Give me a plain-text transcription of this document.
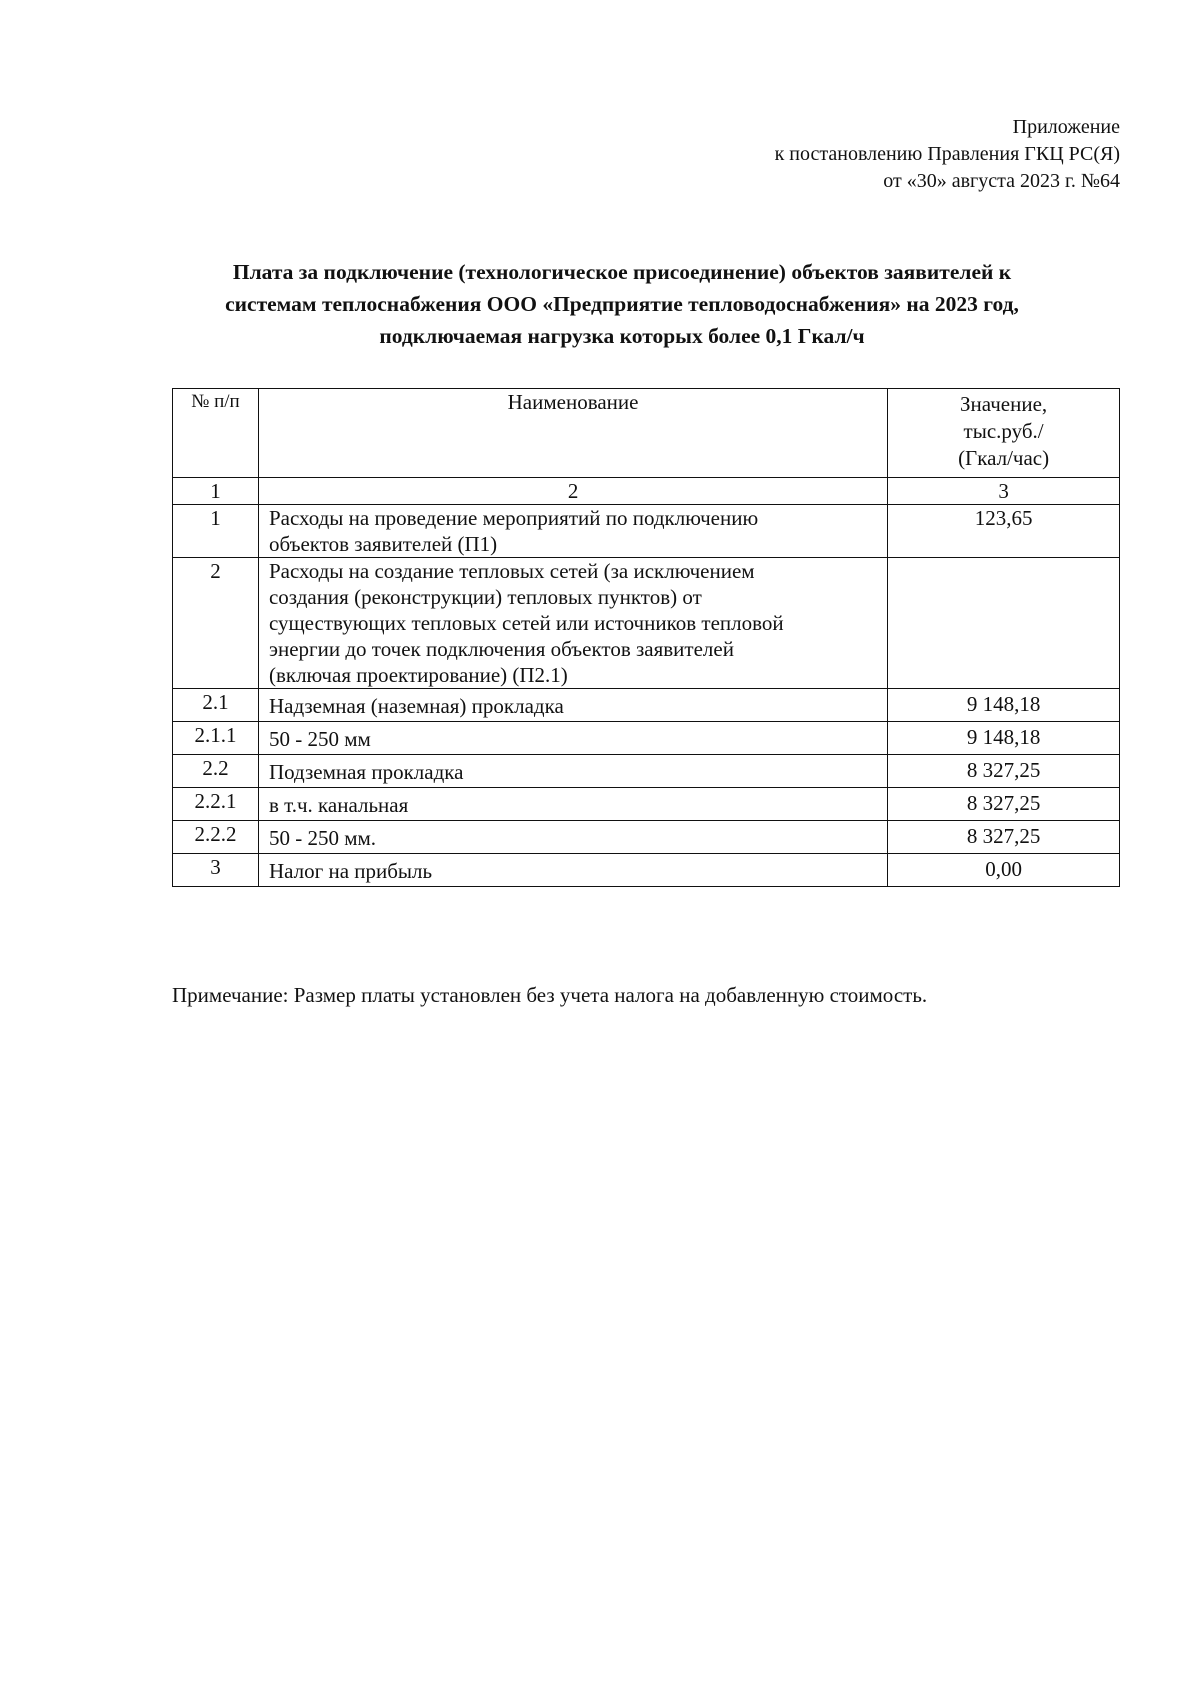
Приложение
к постановлению Правления ГКЦ РС(Я)
от «30» августа 2023 г. №64
Плата за подключение (технологическое присоединение) объектов заявителей к
системам теплоснабжения ООО «Предприятие тепловодоснабжения» на 2023 год,
подключаемая нагрузка которых более 0,1 Гкал/ч
№ п/п	Наименование	Значение,
тыс.руб./
(Гкал/час)

1	2	3
1	Расходы на проведение мероприятий по подключению
объектов заявителей (П1)	123,65
2	Расходы на создание тепловых сетей (за исключением
создания (реконструкции) тепловых пунктов) от
существующих тепловых сетей или источников тепловой
энергии до точек подключения объектов заявителей
(включая проектирование) (П2.1)	

2.1	Надземная (наземная) прокладка	9 148,18
2.1.1	50 - 250 мм	9 148,18
2.2	Подземная прокладка	8 327,25
2.2.1	в т.ч. канальная	8 327,25
2.2.2	50 - 250 мм.	8 327,25
3	Налог на прибыль	0,00
Примечание: Размер платы установлен без учета налога на добавленную стоимость.
